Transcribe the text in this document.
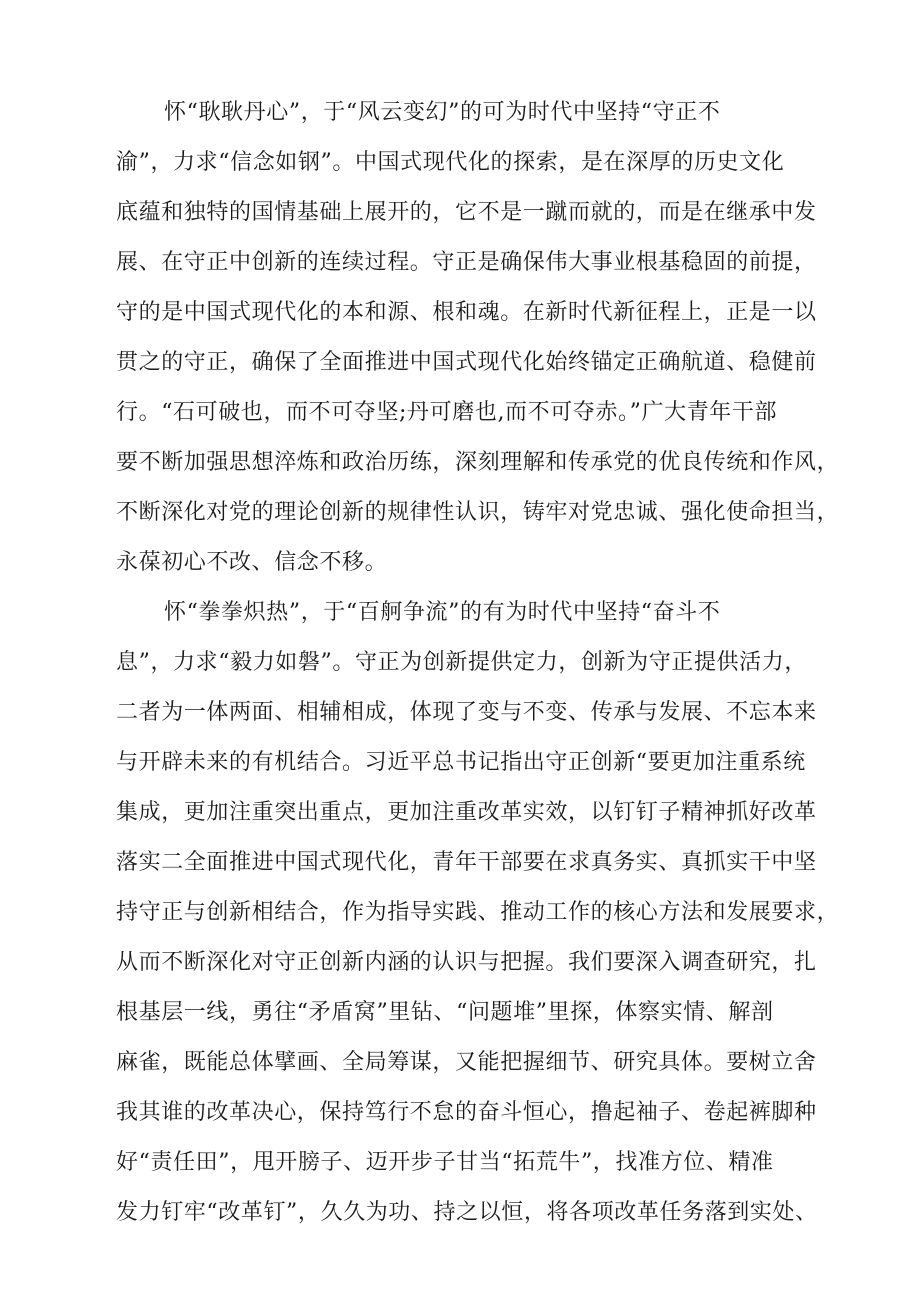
怀“耿耿丹心”，于“风云变幻”的可为时代中坚持“守正不
渝”，力求“信念如钢”。中国式现代化的探索，是在深厚的历史文化
底蕴和独特的国情基础上展开的，它不是一蹴而就的，而是在继承中发
展、在守正中创新的连续过程。守正是确保伟大事业根基稳固的前提，
守的是中国式现代化的本和源、根和魂。在新时代新征程上，正是一以
贯之的守正，确保了全面推进中国式现代化始终锚定正确航道、稳健前
行。“石可破也，而不可夺坚;丹可磨也,而不可夺赤。”广大青年干部
要不断加强思想淬炼和政治历练，深刻理解和传承党的优良传统和作风，
不断深化对党的理论创新的规律性认识，铸牢对党忠诚、强化使命担当，
永葆初心不改、信念不移。
怀“拳拳炽热”，于“百舸争流”的有为时代中坚持“奋斗不
息”，力求“毅力如磐”。守正为创新提供定力，创新为守正提供活力，
二者为一体两面、相辅相成，体现了变与不变、传承与发展、不忘本来
与开辟未来的有机结合。习近平总书记指出守正创新“要更加注重系统
集成，更加注重突出重点，更加注重改革实效，以钉钉子精神抓好改革
落实二全面推进中国式现代化，青年干部要在求真务实、真抓实干中坚
持守正与创新相结合，作为指导实践、推动工作的核心方法和发展要求，
从而不断深化对守正创新内涵的认识与把握。我们要深入调查研究，扎
根基层一线，勇往“矛盾窝”里钻、“问题堆”里探，体察实情、解剖
麻雀，既能总体擘画、全局筹谋，又能把握细节、研究具体。要树立舍
我其谁的改革决心，保持笃行不怠的奋斗恒心，撸起袖子、卷起裤脚种
好“责任田”，甩开膀子、迈开步子甘当“拓荒牛”，找准方位、精准
发力钉牢“改革钉”，久久为功、持之以恒，将各项改革任务落到实处、
